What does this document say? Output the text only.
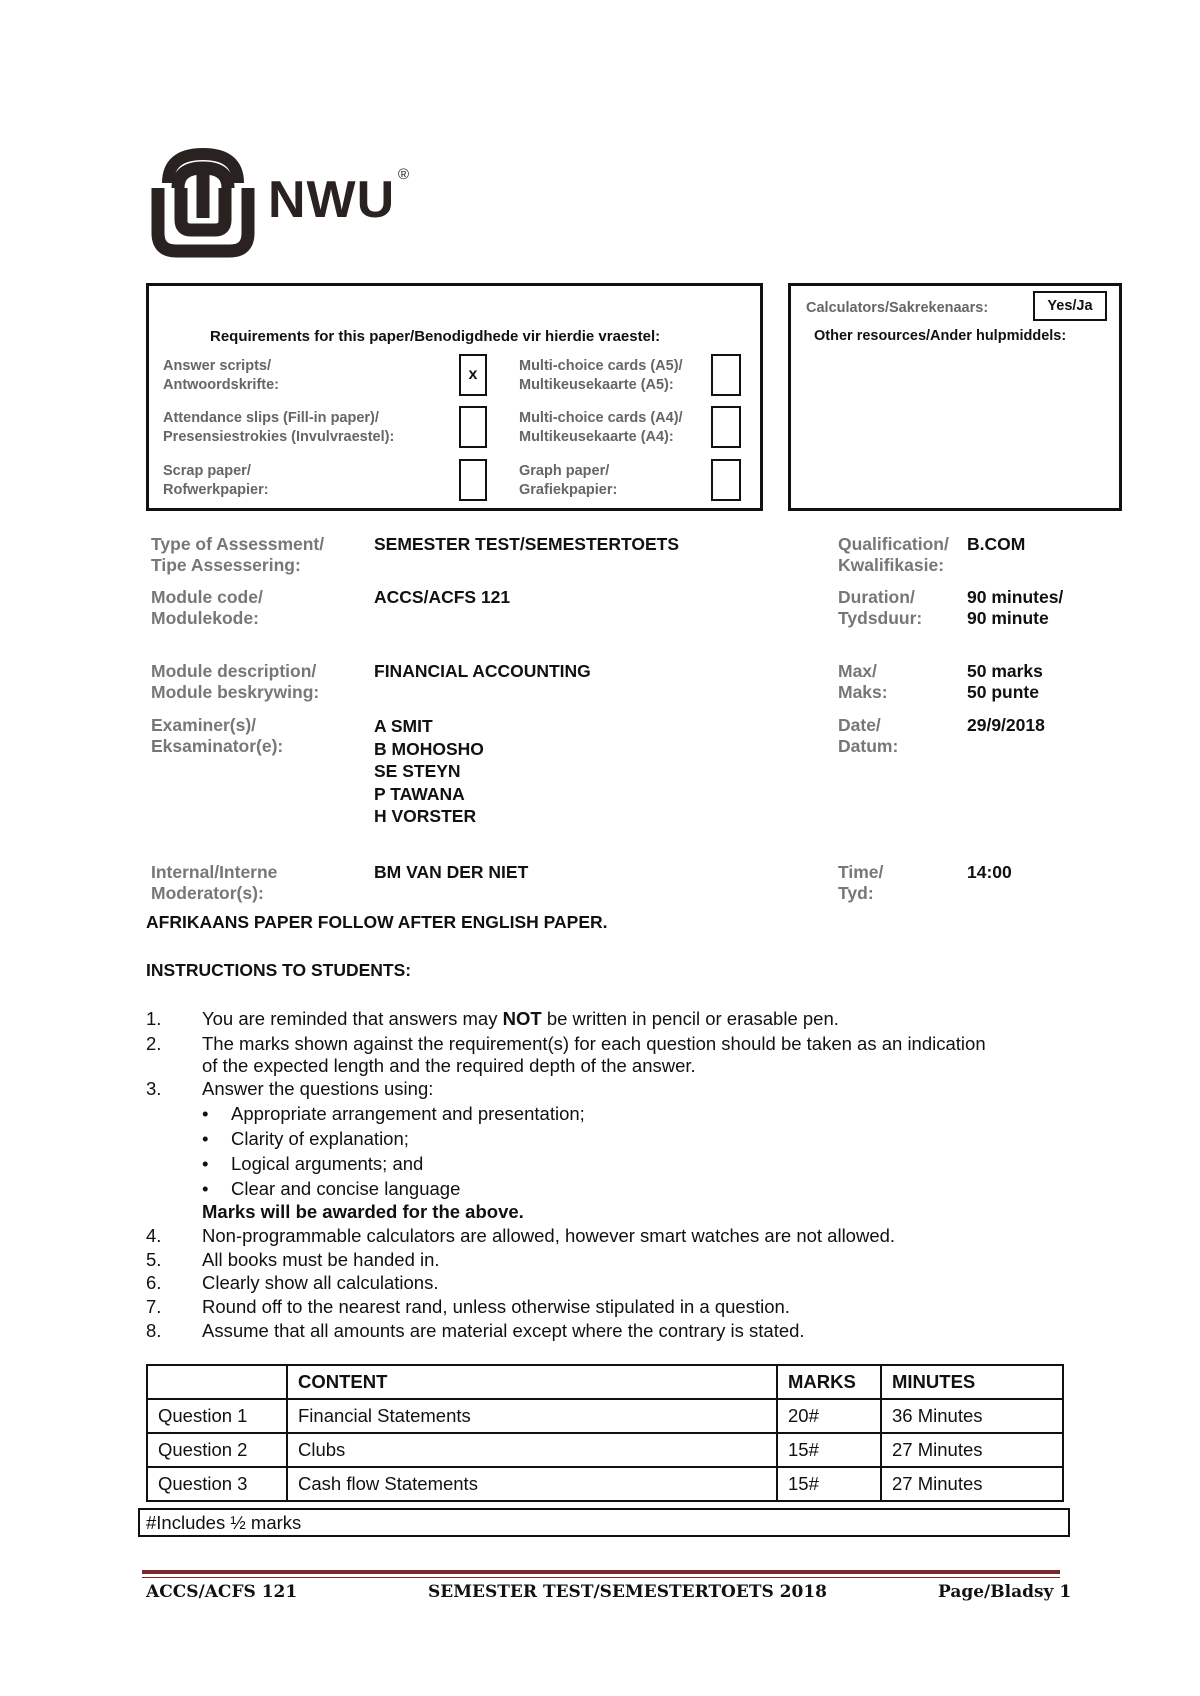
NWU ®
Requirements for this paper/Benodigdhede vir hierdie vraestel:
Answer scripts/
Antwoordskrifte:
x
Attendance slips (Fill-in paper)/
Presensiestrokies (Invulvraestel):
Scrap paper/
Rofwerkpapier:
Multi-choice cards (A5)/
Multikeusekaarte (A5):
Multi-choice cards (A4)/
Multikeusekaarte (A4):
Graph paper/
Grafiekpapier:
Calculators/Sakrekenaars:	Yes/Ja
Other resources/Ander hulpmiddels:
Type of Assessment/
Tipe Assessering:
SEMESTER TEST/SEMESTERTOETS
Module code/
Modulekode:
ACCS/ACFS 121
Module description/
Module beskrywing:
FINANCIAL ACCOUNTING
Examiner(s)/
Eksaminator(e):
A SMIT
B MOHOSHO
SE STEYN
P TAWANA
H VORSTER
Internal/Interne
Moderator(s):
BM VAN DER NIET
Qualification/
Kwalifikasie:
B.COM
Duration/
Tydsduur:
90 minutes/
90 minute
Max/
Maks:
50 marks
50 punte
Date/
Datum:
29/9/2018
Time/
Tyd:
14:00
AFRIKAANS PAPER FOLLOW AFTER ENGLISH PAPER.
INSTRUCTIONS TO STUDENTS:
1. You are reminded that answers may NOT be written in pencil or erasable pen.
2. The marks shown against the requirement(s) for each question should be taken as an indication
of the expected length and the required depth of the answer.
3. Answer the questions using:
• Appropriate arrangement and presentation;
• Clarity of explanation;
• Logical arguments; and
• Clear and concise language
Marks will be awarded for the above.
4. Non-programmable calculators are allowed, however smart watches are not allowed.
5. All books must be handed in.
6. Clearly show all calculations.
7. Round off to the nearest rand, unless otherwise stipulated in a question.
8. Assume that all amounts are material except where the contrary is stated.
	CONTENT	MARKS	MINUTES
Question 1	Financial Statements	20#	36 Minutes
Question 2	Clubs	15#	27 Minutes
Question 3	Cash flow Statements	15#	27 Minutes
#Includes ½ marks
ACCS/ACFS 121	SEMESTER TEST/SEMESTERTOETS 2018	Page/Bladsy 1
